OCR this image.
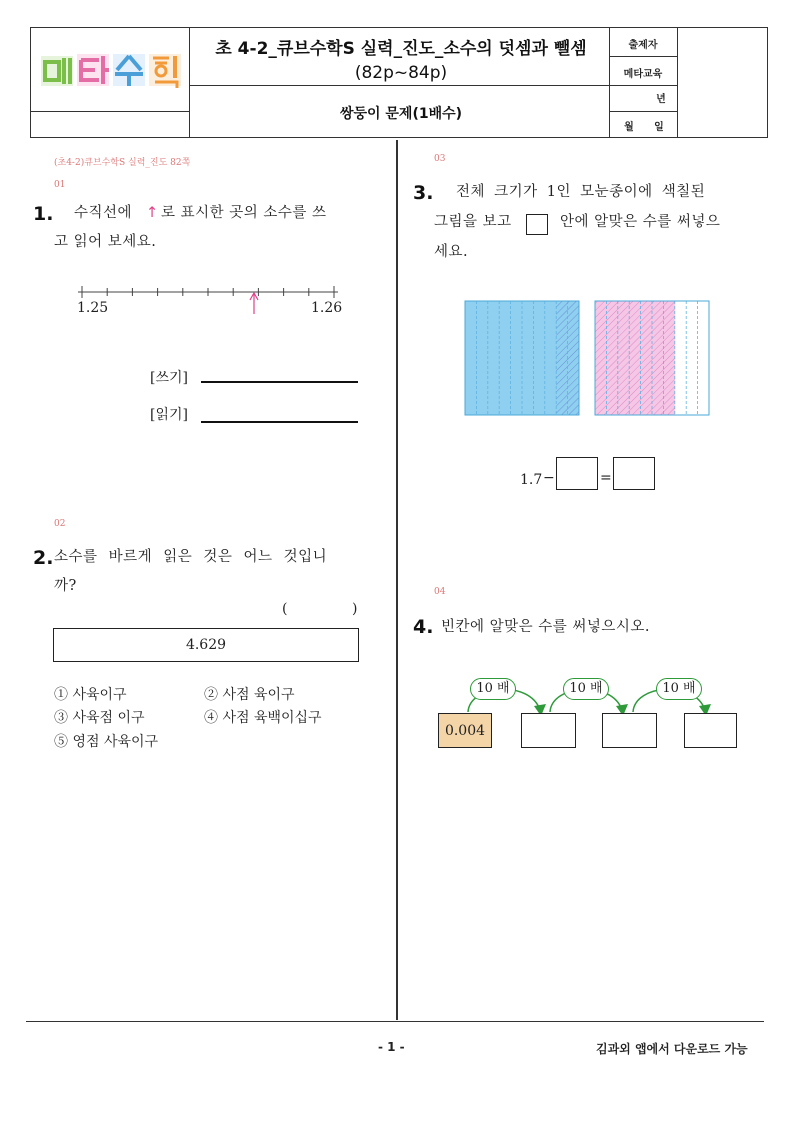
초 4-2_큐브수학S 실력_진도_소수의 덧셈과 뺄셈
(82p~84p)
쌍둥이 문제(1배수)
출제자
메타교육
년
월	일
(초4-2)큐브수학S 실력_진도 82쪽
01
1. 수직선에 ↑ 로 표시한 곳의 소수를 쓰
고 읽어 보세요.
1.25	1.26
[쓰기]
[읽기]
02
2. 소수를 바르게 읽은 것은 어느 것입니
까?
(	)
4.629
① 사육이구	② 사점 육이구
③ 사육점 이구	④ 사점 육백이십구
⑤ 영점 사육이구
03
3. 전체 크기가 1인 모눈종이에 색칠된
그림을 보고	안에 알맞은 수를 써넣으
세요.
1.7 −	=
04
4. 빈칸에 알맞은 수를 써넣으시오.
10 배	10 배	10 배
0.004
- 1 -	김과외 앱에서 다운로드 가능
